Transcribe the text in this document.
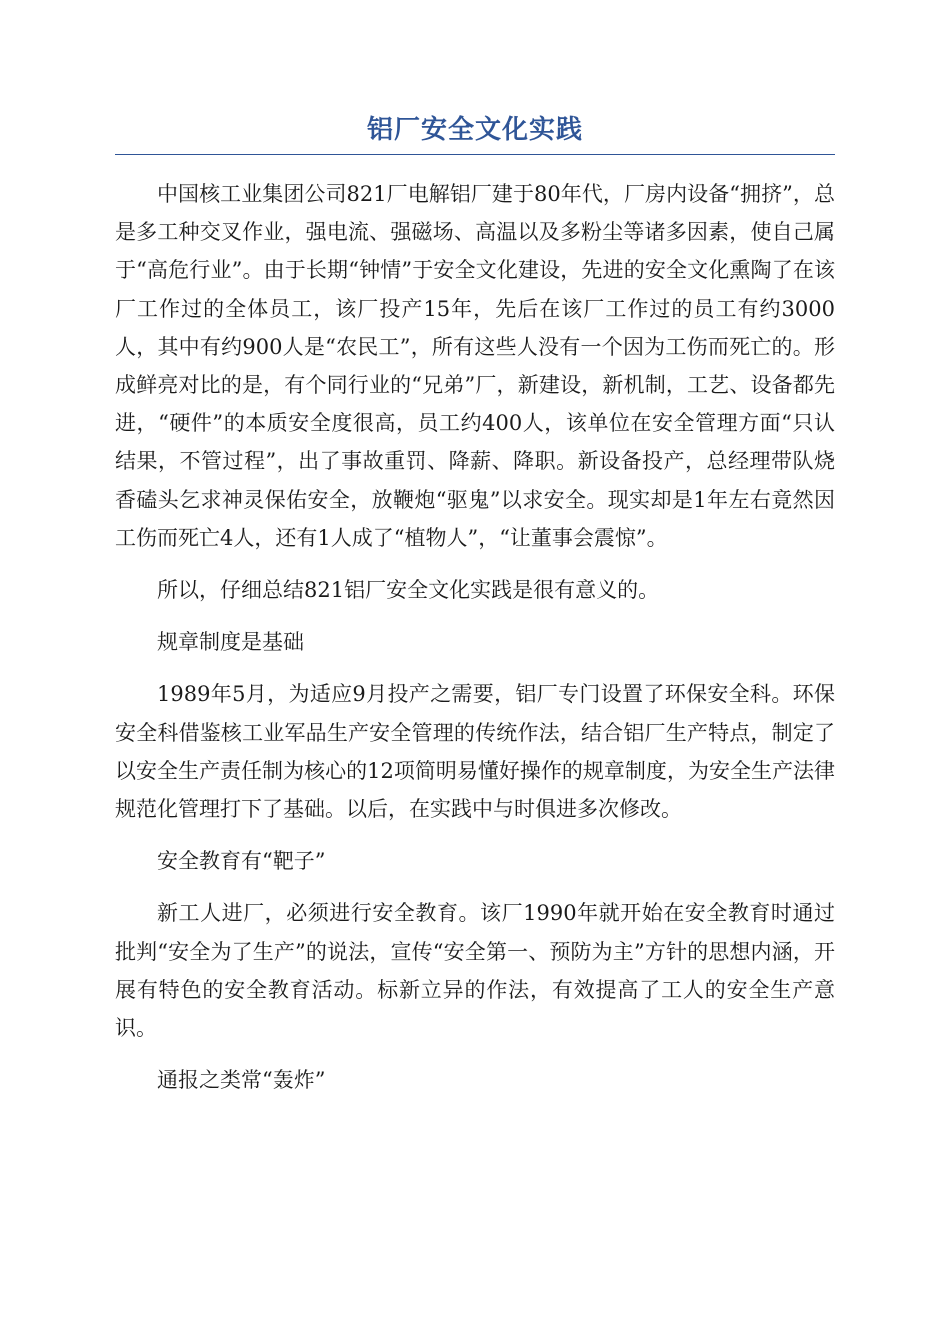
铝厂安全文化实践

中国核工业集团公司821厂电解铝厂建于80年代，厂房内设备“拥挤”，总是多工种交叉作业，强电流、强磁场、高温以及多粉尘等诸多因素，使自己属于“高危行业”。由于长期“钟情”于安全文化建设，先进的安全文化熏陶了在该厂工作过的全体员工，该厂投产15年，先后在该厂工作过的员工有约3000人，其中有约900人是“农民工”，所有这些人没有一个因为工伤而死亡的。形成鲜亮对比的是，有个同行业的“兄弟”厂，新建设，新机制，工艺、设备都先进，“硬件”的本质安全度很高，员工约400人，该单位在安全管理方面“只认结果，不管过程”，出了事故重罚、降薪、降职。新设备投产，总经理带队烧香磕头乞求神灵保佑安全，放鞭炮“驱鬼”以求安全。现实却是1年左右竟然因工伤而死亡4人，还有1人成了“植物人”，“让董事会震惊”。

所以，仔细总结821铝厂安全文化实践是很有意义的。

规章制度是基础

1989年5月，为适应9月投产之需要，铝厂专门设置了环保安全科。环保安全科借鉴核工业军品生产安全管理的传统作法，结合铝厂生产特点，制定了以安全生产责任制为核心的12项简明易懂好操作的规章制度，为安全生产法律规范化管理打下了基础。以后，在实践中与时俱进多次修改。

安全教育有“靶子”

新工人进厂，必须进行安全教育。该厂1990年就开始在安全教育时通过批判“安全为了生产”的说法，宣传“安全第一、预防为主”方针的思想内涵，开展有特色的安全教育活动。标新立异的作法，有效提高了工人的安全生产意识。

通报之类常“轰炸”
